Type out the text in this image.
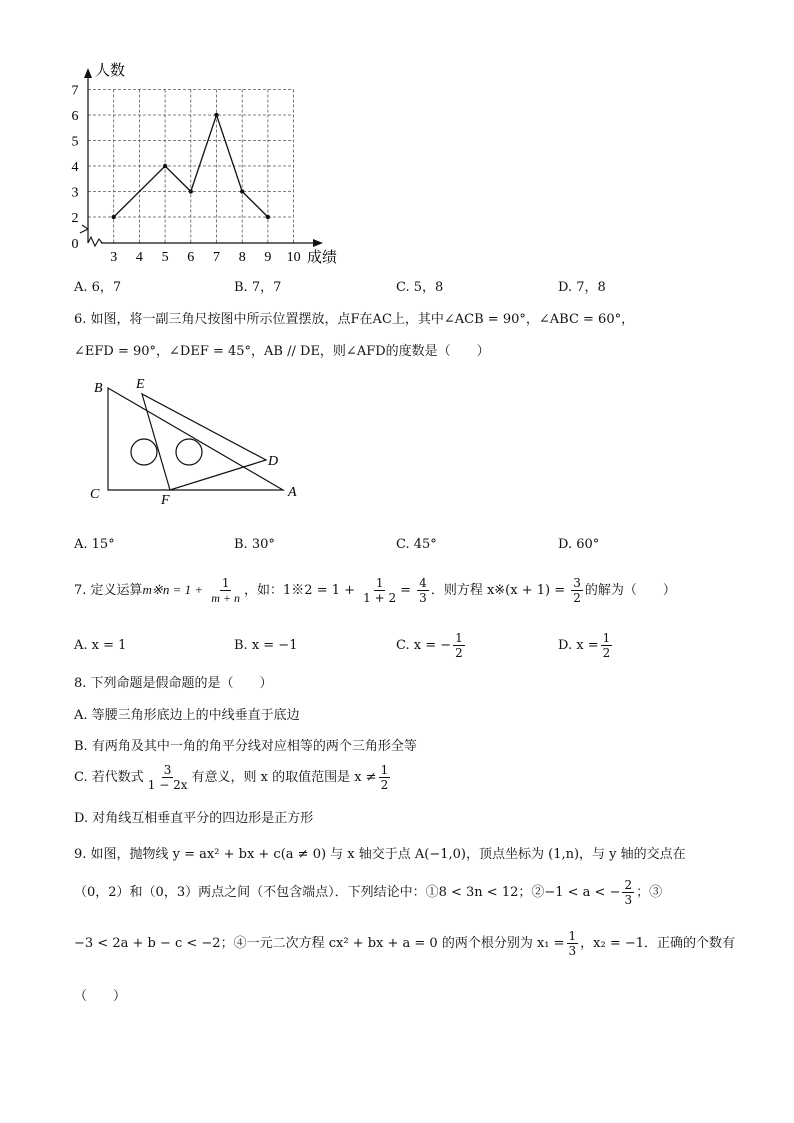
3 4 5 6 7 8 9 10
0
2
3
4
5
6
7
人数
成绩
A. 6，7	B. 7，7	C. 5，8	D. 7，8
6. 如图，将一副三角尺按图中所示位置摆放，点F在AC上，其中∠ACB = 90°，∠ABC = 60°，
∠EFD = 90°，∠DEF = 45°，AB // DE，则∠AFD的度数是（　　）
B E
D
C	F
A
A. 15°	B. 30°	C. 45°	D. 60°
7. 定义运算m※n = $1 + \frac{1}{m + n}$ ，如：1※2 = $1 + \frac{1}{1 + 2} = \frac{4}{3}$ ．则方程 x※(x + $1) = \frac{3}{2}$ 的解为（　　）
A. x = 1	B. x = −1	C. x = − $\frac{1}{2}$	D. $x = \frac{1}{2}$
8. 下列命题是假命题的是（　　）
A. 等腰三角形底边上的中线垂直于底边
B. 有两角及其中一角的角平分线对应相等的两个三角形全等
C. 若代数式 $\frac{3}{1 - 2x}$ 有意义，则 x 的取值范围是 $x \ne \frac{1}{2}$
D. 对角线互相垂直平分的四边形是正方形
9. 如图，抛物线 y = ax² + bx + c(a ≠ 0) 与 x 轴交于点 A(−1,0)，顶点坐标为 (1,n)，与 y 轴的交点在
（0，2）和（0，3）两点之间（不包含端点）．下列结论中：①8 < 3n < 12；②−1 < a < − $\frac{2}{3}$ ；③
−3 < 2a + b − c < −2；④一元二次方程 cx² + bx + a = 0 的两个根分别为 $x_1 = \frac{1}{3}$ ，x₂ = −1．正确的个数有
（　　）
